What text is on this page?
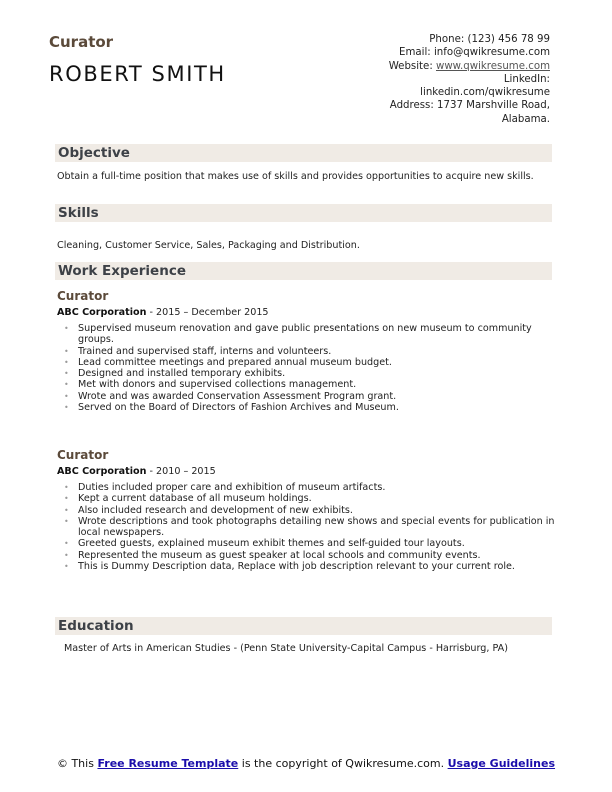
Curator
ROBERT SMITH
Phone: (123) 456 78 99
Email: info@qwikresume.com
Website: www.qwikresume.com
LinkedIn:
linkedin.com/qwikresume
Address: 1737 Marshville Road,
Alabama.
Objective
Obtain a full-time position that makes use of skills and provides opportunities to acquire new skills.
Skills
Cleaning, Customer Service, Sales, Packaging and Distribution.
Work Experience
Curator
ABC Corporation - 2015 – December 2015
• Supervised museum renovation and gave public presentations on new museum to community groups.
• Trained and supervised staff, interns and volunteers.
• Lead committee meetings and prepared annual museum budget.
• Designed and installed temporary exhibits.
• Met with donors and supervised collections management.
• Wrote and was awarded Conservation Assessment Program grant.
• Served on the Board of Directors of Fashion Archives and Museum.
Curator
ABC Corporation - 2010 – 2015
• Duties included proper care and exhibition of museum artifacts.
• Kept a current database of all museum holdings.
• Also included research and development of new exhibits.
• Wrote descriptions and took photographs detailing new shows and special events for publication in local newspapers.
• Greeted guests, explained museum exhibit themes and self-guided tour layouts.
• Represented the museum as guest speaker at local schools and community events.
• This is Dummy Description data, Replace with job description relevant to your current role.
Education
Master of Arts in American Studies - (Penn State University-Capital Campus - Harrisburg, PA)
© This Free Resume Template is the copyright of Qwikresume.com. Usage Guidelines
